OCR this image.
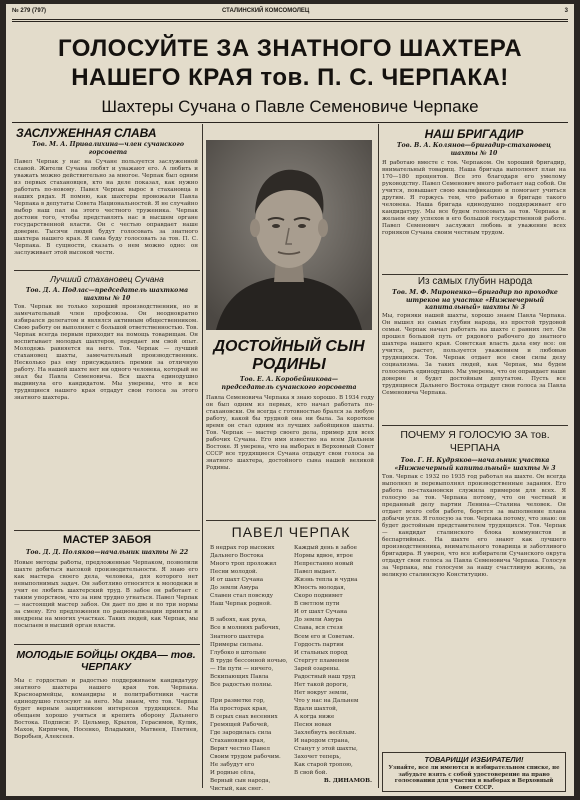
№ 279 (797)	СТАЛИНСКИЙ КОМСОМОЛЕЦ	3
ГОЛОСУЙТЕ ЗА ЗНАТНОГО ШАХТЕРА
НАШЕГО КРАЯ тов. П. С. ЧЕРПАКА!
Шахтеры Сучана о Павле Семеновиче Черпаке
ЗАСЛУЖЕННАЯ СЛАВА
Тов. М. А. Привалихина—член сучанского горсовета
Павел Черпак у нас на Сучане пользуется заслуженной славой. Жители Сучана любят и уважают его. А любить и уважать можно действительно за многое. Черпак был одним из первых стахановцев, кто на деле показал, как нужно работать по-новому. Павел Черпак вырос в стахановца в наших рядах. Я помню, как шахтеры провожали Павла Черпака в депутаты Совета Национальностей. Я не случайно выбор наш пал на этого честного труженика. Черпак достоин того, чтобы представлять нас в высшем органе государственной власти. Он с честью оправдает наше доверие. Тысячи людей будут голосовать за знатного шахтера нашего края. Я сама буду голосовать за тов. П. С. Черпака. В сущности, сказать о нем можно одно: он заслуживает этой высокой чести.
Лучший стахановец Сучана
Тов. Д. А. Подлас—председатель шахткома шахты № 10
Тов. Черпак не только хороший производственник, но и замечательный член профсоюза. Он неоднократно избирался делегатом и являлся активным общественником. Свою работу он выполняет с большой ответственностью. Тов. Черпак всегда первым приходит на помощь товарищам. Он воспитывает молодых шахтеров, передает им свой опыт. Молодежь равняется на него. Тов. Черпак — лучший стахановец шахты, замечательный производственник. Несколько раз ему присуждались премии за отличную работу. На нашей шахте нет ни одного человека, который не знал бы Павла Семеновича. Вся шахта единодушно выдвинула его кандидатом. Мы уверены, что и все трудящиеся нашего края отдадут свои голоса за этого знатного шахтера.
МАСТЕР ЗАБОЯ
Тов. Д. Д. Поляков—начальник шахты № 22
Новые методы работы, предложенные Черпаком, позволили шахте добиться высокой производительности. Я знаю его как мастера своего дела, человека, для которого нет невыполнимых задач. Он заботливо относится к молодежи и учит ее любить шахтерский труд. В забое он работает с таким упорством, что за ним трудно угнаться. Павел Черпак — настоящий мастер забоя. Он дает по две и по три нормы за смену. Его предложения по рационализации приняты и внедрены на многих участках. Таких людей, как Черпак, мы посылаем в высший орган власти.
МОЛОДЫЕ БОЙЦЫ ОКДВА— тов. ЧЕРПАКУ
Мы с гордостью и радостью поддерживаем кандидатуру знатного шахтера нашего края тов. Черпака. Красноармейцы, командиры и политработники части единодушно голосуют за него. Мы знаем, что тов. Черпак будет верным защитником интересов трудящихся. Мы обещаем хорошо учиться и крепить оборону Дальнего Востока. Подписи: Р. Цельмер, Крылов, Герасимов, Кулик, Махов, Кирпичев, Носенко, Владыкин, Матвеев, Плетнев, Воробьев, Алексеев.
ДОСТОЙНЫЙ СЫН РОДИНЫ
Тов. Е. А. Коробейникова—председатель сучанского горсовета
Павла Семеновича Черпака я знаю хорошо. В 1934 году он был одним из первых, кто начал работать по-стахановски. Он всегда с готовностью брался за любую работу, какой бы трудной она ни была. За короткое время он стал одним из лучших забойщиков шахты. Тов. Черпак — мастер своего дела, пример для всех рабочих Сучана. Его имя известно на всем Дальнем Востоке. Я уверена, что на выборах в Верховный Совет СССР все трудящиеся Сучана отдадут свои голоса за знатного шахтера, достойного сына нашей великой Родины.
ПАВЕЛ ЧЕРПАК
В недрах гор высоких
Дальнего Востока
Много троп проложил
Песни молодой.
И от шахт Сучана
До земли Амура
Славен стал повсюду
Наш Черпак родной.

В забоях, как рука,
Все в молниях рабочих,
Знатного шахтера
Примеры сильны.
Глубоко в штольне
В труде бессонной ночью,
— Ни пути — ничего,
Вскипающих Павла
Все радостью полны.

При разметке гор,
На просторах края,
В серых снах весенних
Гремящей Рабочей,
Где зародилась сила
Стахановцев края,
Верит честно Павел
Своим трудом рабочим.
Не забудут его
И родные сёла,
Верный сын народа,
Чистый, как снег.
Каждый день в забое
Нормы вдвое, втрое
Непрестанно новый
Павел выдает.
Жизнь тепла и чудна
Юность молодая,
Скоро поднимет
В светлом пути
И от шахт Сучана
До земли Амура
Слава, вся стезя
Всем его и Советам.
Гордость партии
И стальных пород
Стергут пламенем
Зарей озарены.
Радостный наш труд
Нет такой дороги,
Нет вокруг земли,
Что у нас на Дальнем
Вдали шахтой,
А когда ниже
Песня новая
Захлебнуть весёлым.
И народом страна,
Станут у этой шахты,
Захочет теперь,
Как старой тропою,
В свой бой.
В. ДИНАМОВ.
НАШ БРИГАДИР
Тов. В. А. Колянов—бригадир-стахановец шахты № 10
Я работаю вместе с тов. Черпаком. Он хороший бригадир, внимательный товарищ. Наша бригада выполняет план на 170—180 процентов. Все это благодаря его умелому руководству. Павел Семенович много работает над собой. Он учится, повышает свою квалификацию и помогает учиться другим. Я горжусь тем, что работаю в бригаде такого человека. Наша бригада единодушно поддерживает его кандидатуру. Мы все будем голосовать за тов. Черпака и желаем ему успехов в его большой государственной работе. Павел Семенович заслужил любовь и уважение всех горняков Сучана своим честным трудом.
Из самых глубин народа
Тов. М. Ф. Мироненко—бригадир по проходке штреков на участке «Нижнечерный капитальный» шахты № 3
Мы, горняки нашей шахты, хорошо знаем Павла Черпака. Он вышел из самых глубин народа, из простой трудовой семьи. Черпак начал работать на шахте с ранних лет. Он прошел большой путь от рядового рабочего до знатного шахтера нашего края. Советская власть дала ему все: он учится, растет, пользуется уважением и любовью трудящихся. Тов. Черпак отдает все свои силы делу социализма. За таких людей, как Черпак, мы будем голосовать единодушно. Мы уверены, что он оправдает наше доверие и будет достойным депутатом. Пусть все трудящиеся Дальнего Востока отдадут свои голоса за Павла Семеновича Черпака.
ПОЧЕМУ Я ГОЛОСУЮ ЗА тов. ЧЕРПАНА
Тов. Г. Н. Кудряков—начальник участка «Нижнечерный капитальный» шахты № 3
Тов. Черпак с 1932 по 1935 год работал на шахте. Он всегда выполнял и перевыполнял производственные задания. Его работа по-стахановски служила примером для всех. Я голосую за тов. Черпака потому, что он честный и преданный делу партии Ленина—Сталина человек. Он отдает всего себя работе, борется за выполнение плана добычи угля. Я голосую за тов. Черпака потому, что знаю: он будет достойным представителем трудящихся. Тов. Черпак — кандидат сталинского блока коммунистов и беспартийных. На шахте его знают как лучшего производственника, внимательного товарища и заботливого бригадира. Я уверен, что все избиратели Сучанского округа отдадут свои голоса за Павла Семеновича Черпака. Голосуя за Черпака, мы голосуем за нашу счастливую жизнь, за великую сталинскую Конституцию.
ТОВАРИЩИ ИЗБИРАТЕЛИ!
Узнайте, все ли имеются в избирательном списке, не забудьте взять с собой удостоверение на право голосования для участия в выборах в Верховный Совет СССР.
